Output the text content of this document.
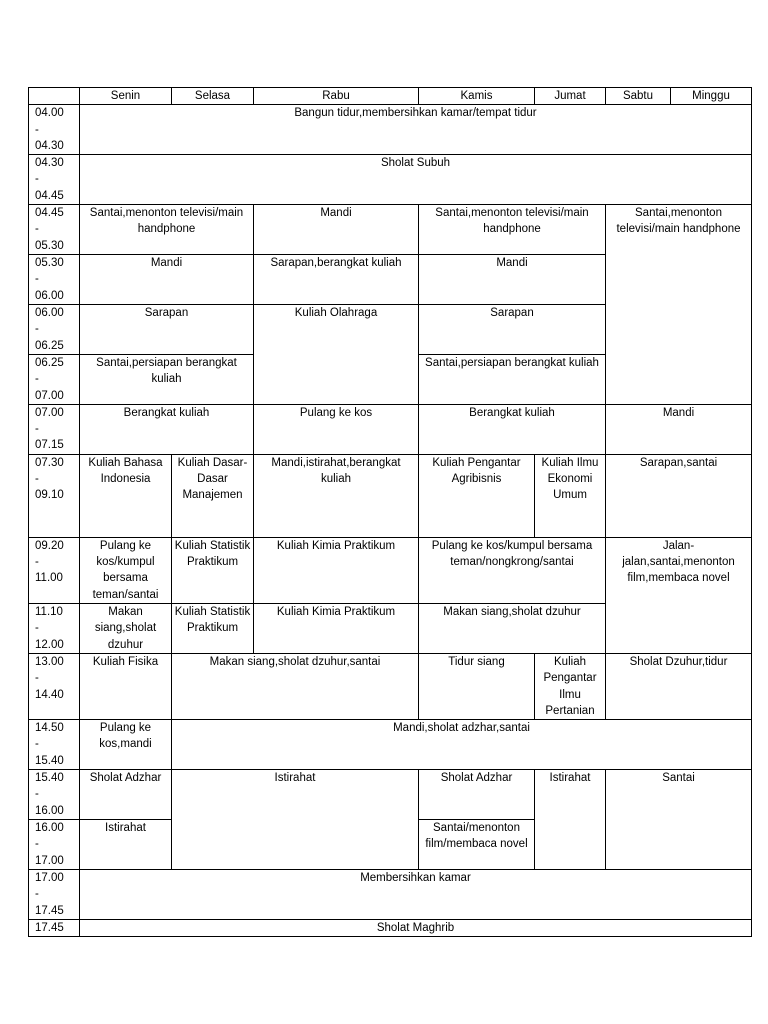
	Senin	Selasa	Rabu	Kamis	Jumat	Sabtu	Minggu

04.00
-
04.30	Bangun tidur,membersihkan kamar/tempat tidur						

04.30
-
04.45	Sholat Subuh						

04.45
-
05.30	Santai,menonton televisi/main handphone		Mandi	Santai,menonton televisi/main handphone		Santai,menonton televisi/main handphone	

05.30
-
06.00	Mandi		Sarapan,berangkat kuliah	Mandi			

06.00
-
06.25	Sarapan		Kuliah Olahraga	Sarapan			

06.25
-
07.00	Santai,persiapan berangkat kuliah			Santai,persiapan berangkat kuliah			

07.00
-
07.15	Berangkat kuliah		Pulang ke kos	Berangkat kuliah		Mandi	

07.30
-
09.10	Kuliah Bahasa Indonesia	Kuliah Dasar-Dasar Manajemen	Mandi,istirahat,berangkat kuliah	Kuliah Pengantar Agribisnis	Kuliah Ilmu Ekonomi Umum	Sarapan,santai	

09.20
-
11.00	Pulang ke kos/kumpul bersama teman/santai	Kuliah Statistik Praktikum	Kuliah Kimia Praktikum	Pulang ke kos/kumpul bersama teman/nongkrong/santai		Jalan-jalan,santai,menonton film,membaca novel	

11.10
-
12.00	Makan siang,sholat dzuhur	Kuliah Statistik Praktikum	Kuliah Kimia Praktikum	Makan siang,sholat dzuhur			

13.00
-
14.40	Kuliah Fisika	Makan siang,sholat dzuhur,santai		Tidur siang	Kuliah Pengantar Ilmu Pertanian	Sholat Dzuhur,tidur	

14.50
-
15.40	Pulang ke kos,mandi	Mandi,sholat adzhar,santai					

15.40
-
16.00	Sholat Adzhar	Istirahat		Sholat Adzhar	Istirahat	Santai	

16.00
-
17.00	Istirahat			Santai/menonton film/membaca novel			

17.00
-
17.45	Membersihkan kamar						

17.45	Sholat Maghrib						
